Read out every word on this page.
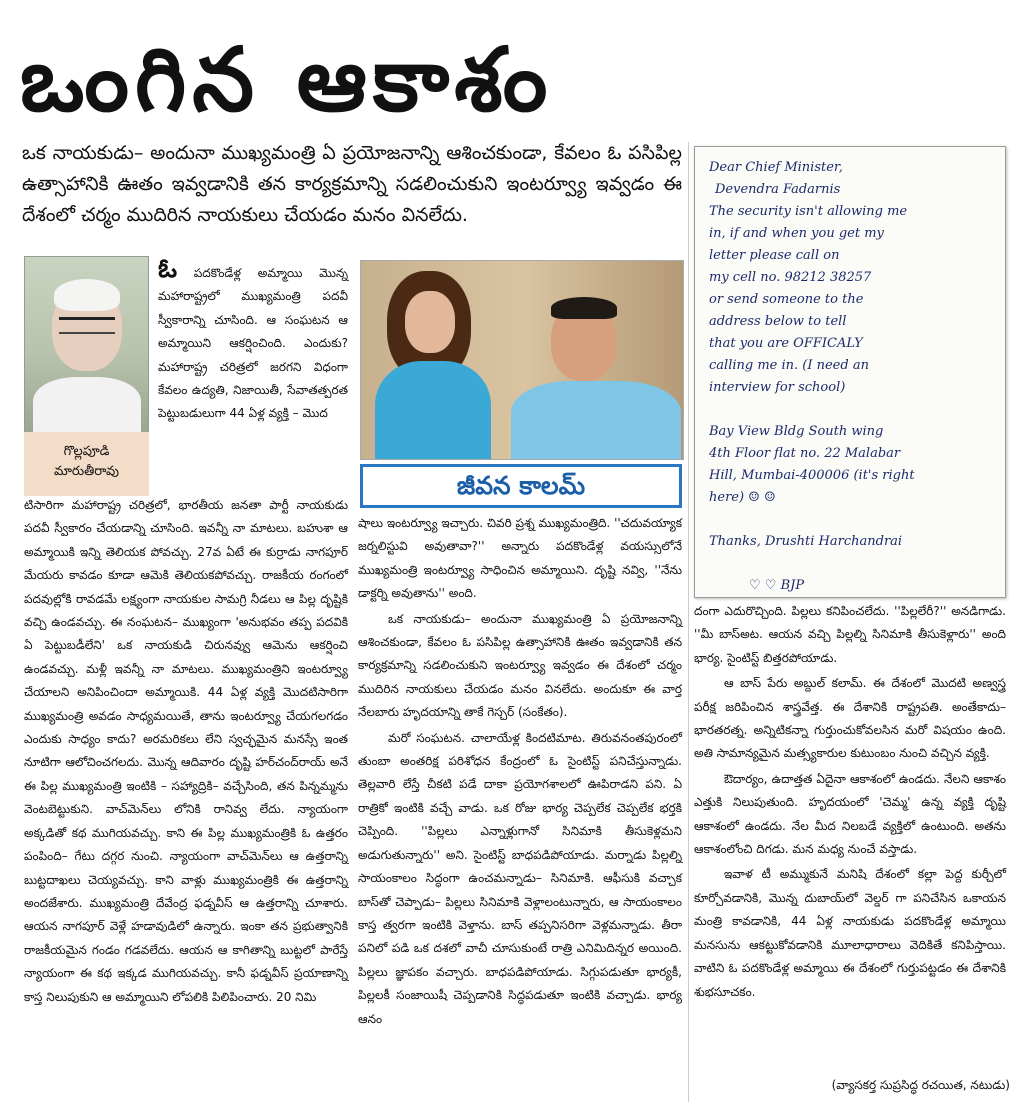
ఒంగిన ఆకాశం
ఒక నాయకుడు– అందునా ముఖ్యమంత్రి ఏ ప్రయోజనాన్ని ఆశించకుండా, కేవలం ఓ పసిపిల్ల ఉత్సాహానికి ఊతం ఇవ్వడానికి తన కార్యక్రమాన్ని సడలించుకుని ఇంటర్వ్యూ ఇవ్వడం ఈ దేశంలో చర్మం ముదిరిన నాయకులు చేయడం మనం వినలేదు.
గొల్లపూడి
మారుతీరావు
ఓ పదకొండేళ్ల అమ్మాయి మొన్న మహారాష్ట్రలో ముఖ్యమంత్రి పదవీ స్వీకారాన్ని చూసింది. ఆ సంఘటన ఆ అమ్మాయిని ఆకర్షించింది. ఎందుకు? మహారాష్ట్ర చరిత్రలో జరగని విధంగా కేవలం ఉద్యతి, నిజాయితీ, సేవాతత్పరత పెట్టుబడులుగా 44 ఏళ్ల వ్యక్తి – మొద
టిసారిగా మహారాష్ట్ర చరిత్రలో, భారతీయ జనతా పార్టీ నాయకుడు పదవీ స్వీకారం చేయడాన్ని చూసింది. ఇవన్నీ నా మాటలు. బహుశా ఆ అమ్మాయికి ఇన్ని తెలియక పోవచ్చు. 27వ ఏటే ఈ కుర్రాడు నాగపూర్ మేయరు కావడం కూడా ఆమెకి తెలియకపోవచ్చు. రాజకీయ రంగంలో పదవుల్లోకి రావడమే లక్ష్యంగా నాయకుల సామగ్రి నీడలు ఆ పిల్ల దృష్టికి వచ్చి ఉండవచ్చు. ఈ నంఘటన– ముఖ్యంగా 'అనుభవం తప్ప పదవికి ఏ పెట్టుబడీలేని' ఒక నాయకుడి చిరునవ్వు ఆమెను ఆకర్షించి ఉండవచ్చు. మళ్లీ ఇవన్నీ నా మాటలు. ముఖ్యమంత్రిని ఇంటర్వ్యూ చేయాలని అనిపించిందా అమ్మాయికి. 44 ఏళ్ల వ్యక్తి మొదటిసారిగా ముఖ్యమంత్రి అవడం సాధ్యమయితే, తాను ఇంటర్వ్యూ చేయగలగడం ఎందుకు సాధ్యం కాదు? అరమరికలు లేని స్వచ్ఛమైన మనస్సే ఇంత నూటిగా ఆలోచించగలదు. మొన్న ఆదివారం దృష్టి హర్‌చంద్‌రాయ్ అనే ఈ పిల్ల ముఖ్యమంత్రి ఇంటికి – సహ్యాద్రికి– వచ్చేసింది, తన పిన్నమ్మను వెంటబెట్టుకుని. వాచ్‌మెన్‌లు లోనికి రానివ్వ లేదు. న్యాయంగా అక్కడితో కథ ముగియవచ్చు. కాని ఈ పిల్ల ముఖ్యమంత్రికి ఓ ఉత్తరం పంపింది– గేటు దగ్గర నుంచి. న్యాయంగా వాచ్‌మెన్‌లు ఆ ఉత్తరాన్ని బుట్టదాఖలు చెయ్యవచ్చు. కాని వాళ్లు ముఖ్యమంత్రికి ఈ ఉత్తరాన్ని అందజేశారు. ముఖ్యమంత్రి దేవేంద్ర ఫడ్నవీస్ ఆ ఉత్తరాన్ని చూశారు. ఆయన నాగపూర్ వెళ్లే హడావుడిలో ఉన్నారు. ఇంకా తన ప్రభుత్వానికి రాజకీయమైన గండం గడవలేదు. ఆయన ఆ కాగితాన్ని బుట్టలో పారేస్తే న్యాయంగా ఈ కథ ఇక్కడ ముగియవచ్చు. కానీ ఫడ్నవీస్ ప్రయాణాన్ని కాస్త నిలుపుకుని ఆ అమ్మాయిని లోపలికి పిలిపించారు. 20 నిమి
జీవన కాలమ్

షాలు ఇంటర్వ్యూ ఇచ్చారు. చివరి ప్రశ్న ముఖ్యమంత్రిది. ''చదువయ్యాక జర్నలిస్టువి అవుతావా?'' అన్నారు పదకొండేళ్ల వయస్సులోనే ముఖ్యమంత్రి ఇంటర్వ్యూ సాధించిన అమ్మాయిని. దృష్టి నవ్వి, ''నేను డాక్టర్ని అవుతాను'' అంది.

ఒక నాయకుడు– అందునా ముఖ్యమంత్రి ఏ ప్రయోజనాన్ని ఆశించకుండా, కేవలం ఓ పసిపిల్ల ఉత్సాహానికి ఊతం ఇవ్వడానికి తన కార్యక్రమాన్ని సడలించుకుని ఇంటర్వ్యూ ఇవ్వడం ఈ దేశంలో చర్మం ముదిరిన నాయకులు చేయడం మనం వినలేదు. అందుకూ ఈ వార్త నేలబారు హృదయాన్ని తాకే గెస్చర్ (సంకేతం).

మరో సంఘటన. చాలాయేళ్ల కిందటిమాట. తిరువనంతపురంలో తుంబా అంతరిక్ష పరిశోధన కేంద్రంలో ఓ సైంటిస్ట్ పనిచేస్తున్నాడు. తెల్లవారి లేస్తే చీకటి పడే దాకా ప్రయోగశాలలో ఊపిరాడని పని. ఏ రాత్రికో ఇంటికి వచ్చే వాడు. ఒక రోజు భార్య చెప్పలేక చెప్పలేక భర్తకి చెప్పింది. ''పిల్లలు ఎన్నాళ్లుగానో సినిమాకి తీసుకెళ్లమని అడుగుతున్నారు'' అని. సైంటిస్ట్ బాధపడిపోయాడు. మర్నాడు పిల్లల్ని సాయంకాలం సిద్ధంగా ఉంచమన్నాడు– సినిమాకి. ఆఫీసుకి వచ్చాక బాస్‌తో చెప్పాడు– పిల్లలు సినిమాకి వెళ్లాలంటున్నారు, ఆ సాయంకాలం కాస్త త్వరగా ఇంటికి వెళ్తాను. బాస్ తప్పనిసరిగా వెళ్లమన్నాడు. తీరా పనిలో పడి ఒక దశలో వాచీ చూసుకుంటే రాత్రి ఎనిమిదిన్నర అయింది. పిల్లలు జ్ఞాపకం వచ్చారు. బాధపడిపోయాడు. సిగ్గుపడుతూ భార్యకీ, పిల్లలకీ సంజాయిషీ చెప్పడానికి సిద్ధపడుతూ ఇంటికి వచ్చాడు. భార్య ఆనం

Dear Chief Minister,
Devendra Fadarnis
The security isn't allowing me
in, if and when you get my
letter please call on
my cell no. 98212 38257
or send someone to the
address below to tell
that you are OFFICALY
calling me in. (I need an
interview for school)

Bay View Bldg South wing
4th Floor flat no. 22 Malabar
Hill, Mumbai-400006 (it's right
here) ☺ ☺

Thanks, Drushti Harchandrai

♡ ♡ BJP

దంగా ఎదురొచ్చింది. పిల్లలు కనిపించలేదు. ''పిల్లలేరీ?'' అనడిగాడు. ''మీ బాస్‌అట. ఆయన వచ్చి పిల్లల్ని సినిమాకి తీసుకెళ్లారు'' అంది భార్య. సైంటిస్ట్ బిత్తరపోయాడు.

ఆ బాస్ పేరు అబ్దుల్ కలామ్. ఈ దేశంలో మొదటి అణ్వస్త్ర పరీక్ష జరిపించిన శాస్త్రవేత్త. ఈ దేశానికి రాష్ట్రపతి. అంతేకాదు– భారతరత్న. అన్నిటికన్నా గుర్తుంచుకోవలసిన మరో విషయం ఉంది. అతి సామాన్యమైన మత్స్యకారుల కుటుంబం నుంచి వచ్చిన వ్యక్తి.

ఔదార్యం, ఉదాత్తత ఏదైనా ఆకాశంలో ఉండదు. నేలని ఆకాశం ఎత్తుకి నిలుపుతుంది. హృదయంలో 'చెమ్మ' ఉన్న వ్యక్తి దృష్టి ఆకాశంలో ఉండదు. నేల మీద నిలబడే వ్యక్తిలో ఉంటుంది. అతను ఆకాశంలోంచి దిగడు. మన మధ్య నుంచే వస్తాడు.

ఇవాళ టీ అమ్ముకునే మనిషి దేశంలో కల్లా పెద్ద కుర్చీలో కూర్చోవడానికి, మొన్న దుబాయ్‌లో వెల్డర్ గా పనిచేసిన ఒకాయన మంత్రి కావడానికి, 44 ఏళ్ల నాయకుడు పదకొండేళ్ల అమ్మాయి మనసును ఆకట్టుకోవడానికి మూలాధారాలు వెదికితే కనిపిస్తాయి. వాటిని ఓ పదకొండేళ్ల అమ్మాయి ఈ దేశంలో గుర్తుపట్టడం ఈ దేశానికి శుభసూచకం.

(వ్యాసకర్త సుప్రసిద్ధ రచయిత, నటుడు)
